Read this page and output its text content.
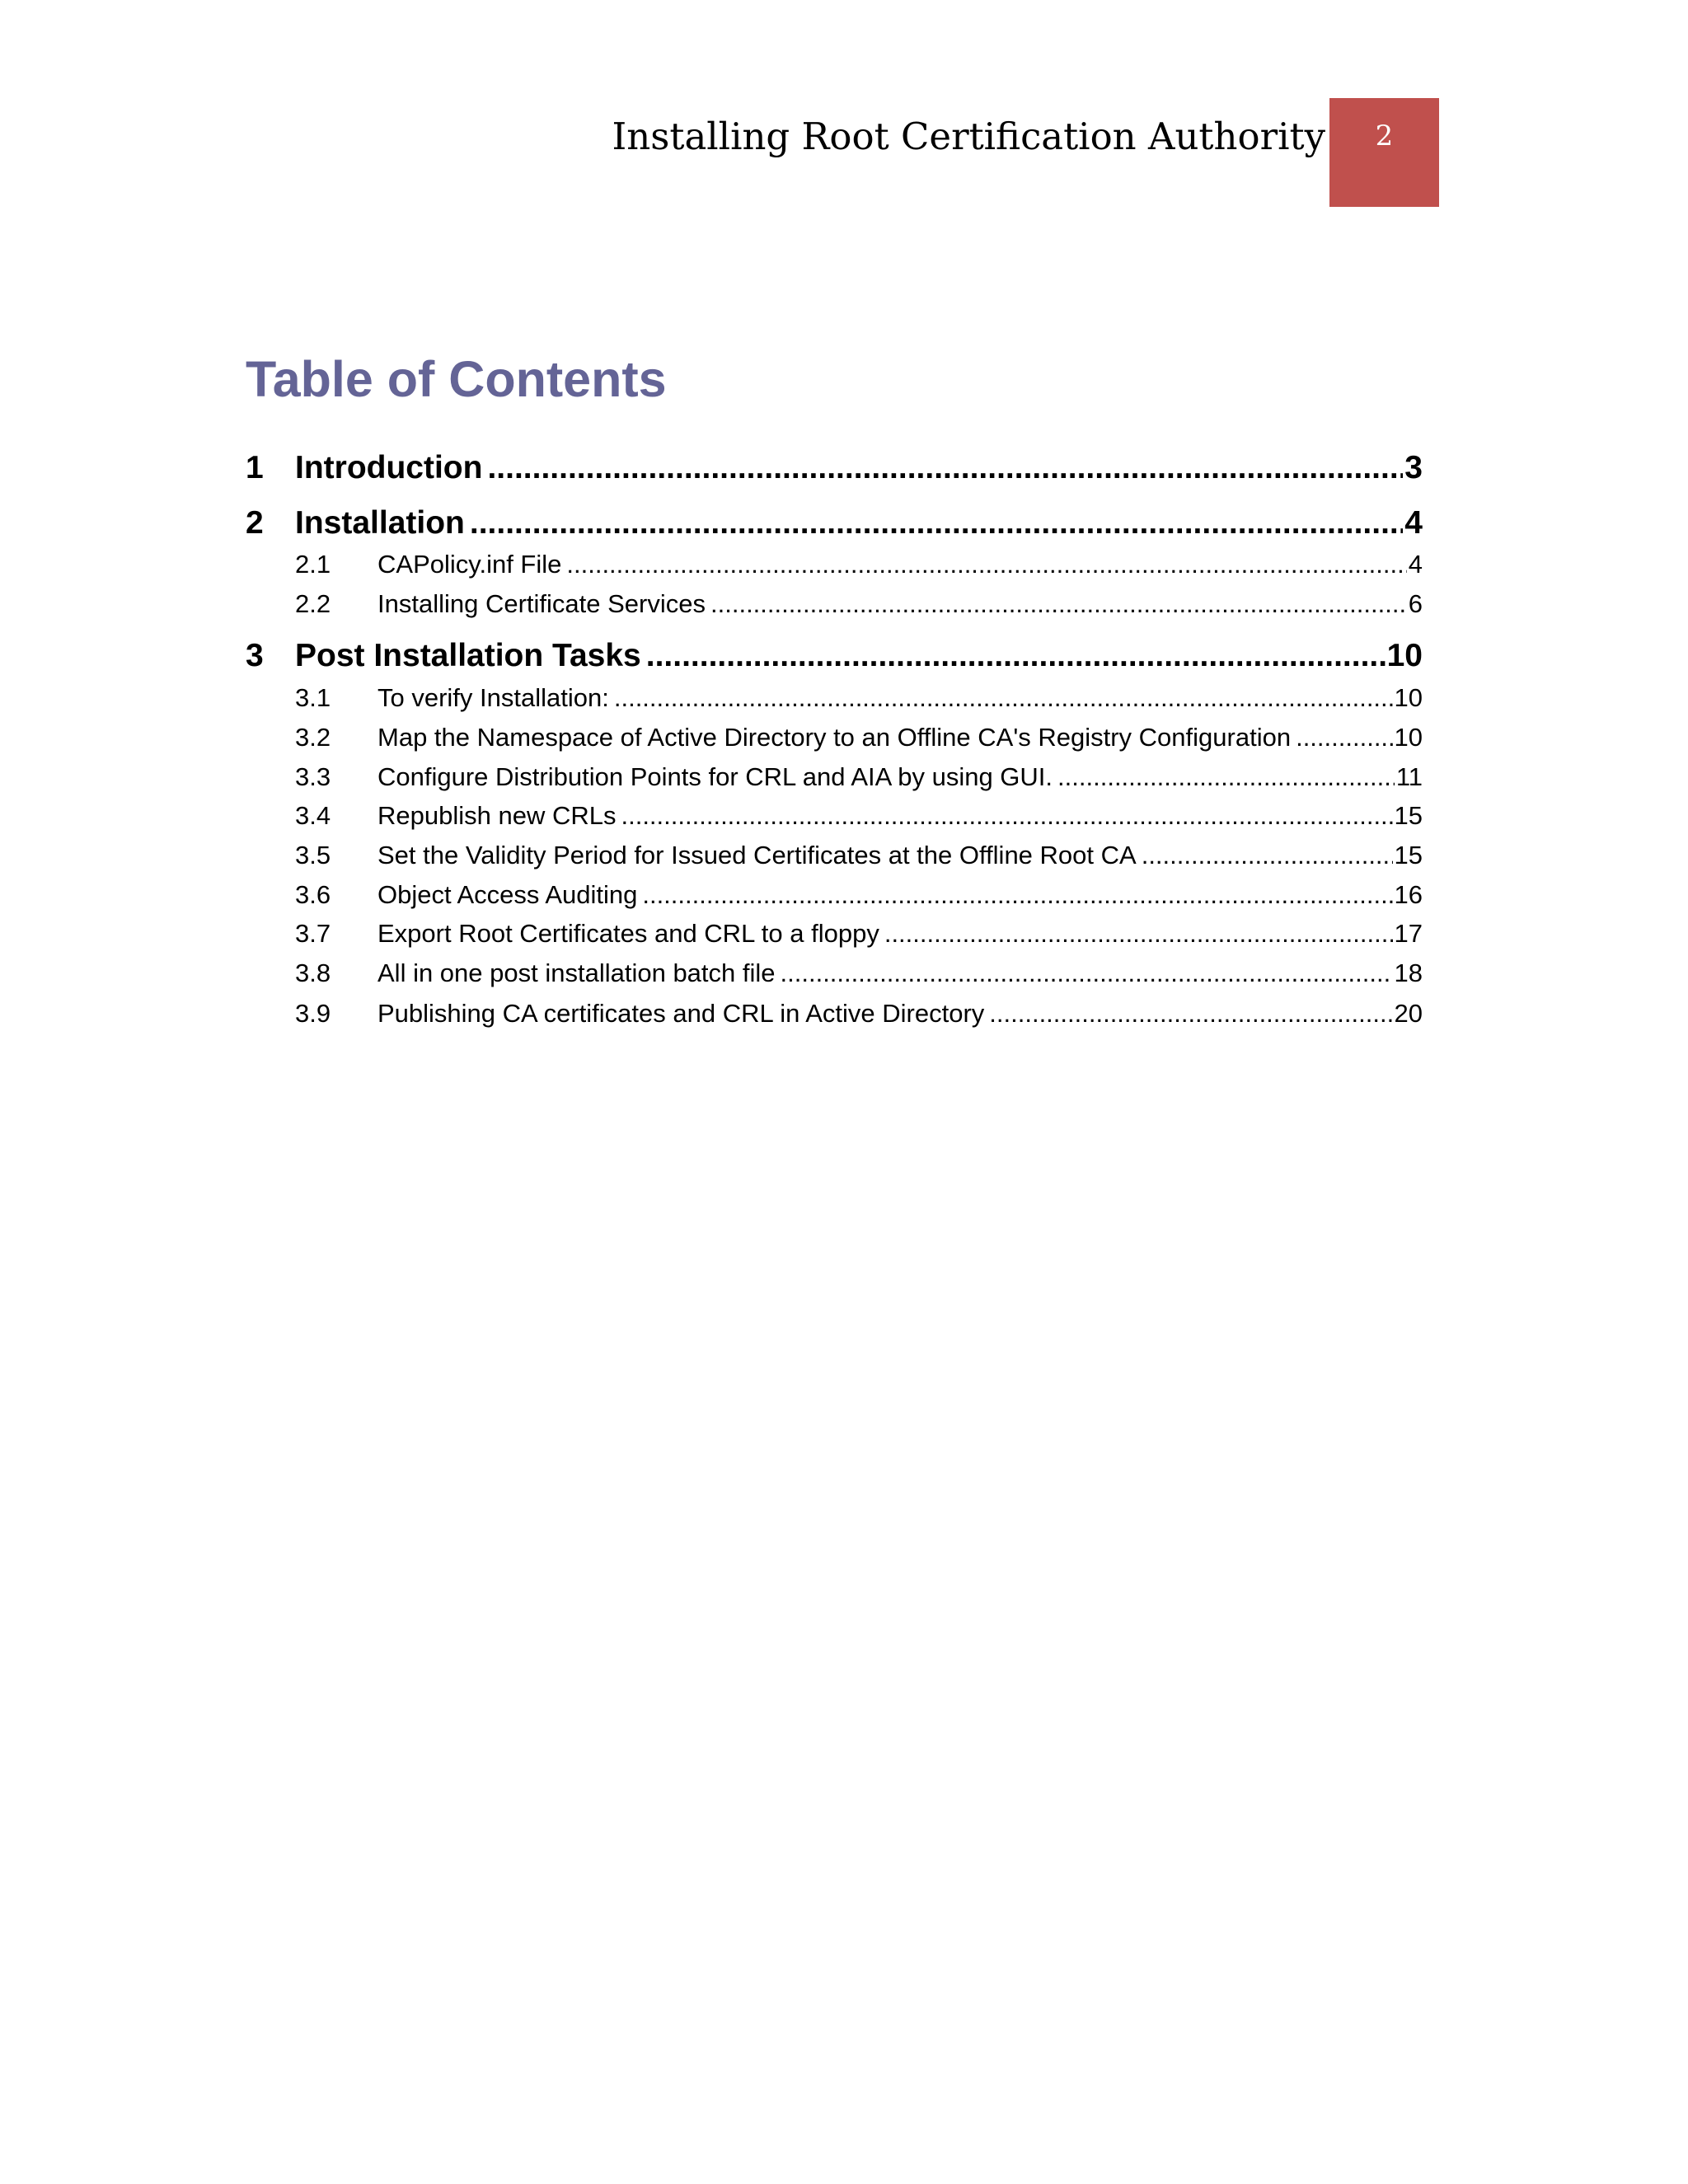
Installing Root Certification Authority 2
Table of Contents
1 Introduction .....	3
2 Installation .....	4
2.1	CAPolicy.inf File .....	4
2.2	Installing Certificate Services .....	6
3 Post Installation Tasks .....	10
3.1	To verify Installation: .....	10
3.2	Map the Namespace of Active Directory to an Offline CA's Registry Configuration .....	10
3.3	Configure Distribution Points for CRL and AIA by using GUI. .....	11
3.4	Republish new CRLs .....	15
3.5	Set the Validity Period for Issued Certificates at the Offline Root CA .....	15
3.6	Object Access Auditing .....	16
3.7	Export Root Certificates and CRL to a floppy .....	17
3.8	All in one post installation batch file .....	18
3.9	Publishing CA certificates and CRL in Active Directory .....	20
